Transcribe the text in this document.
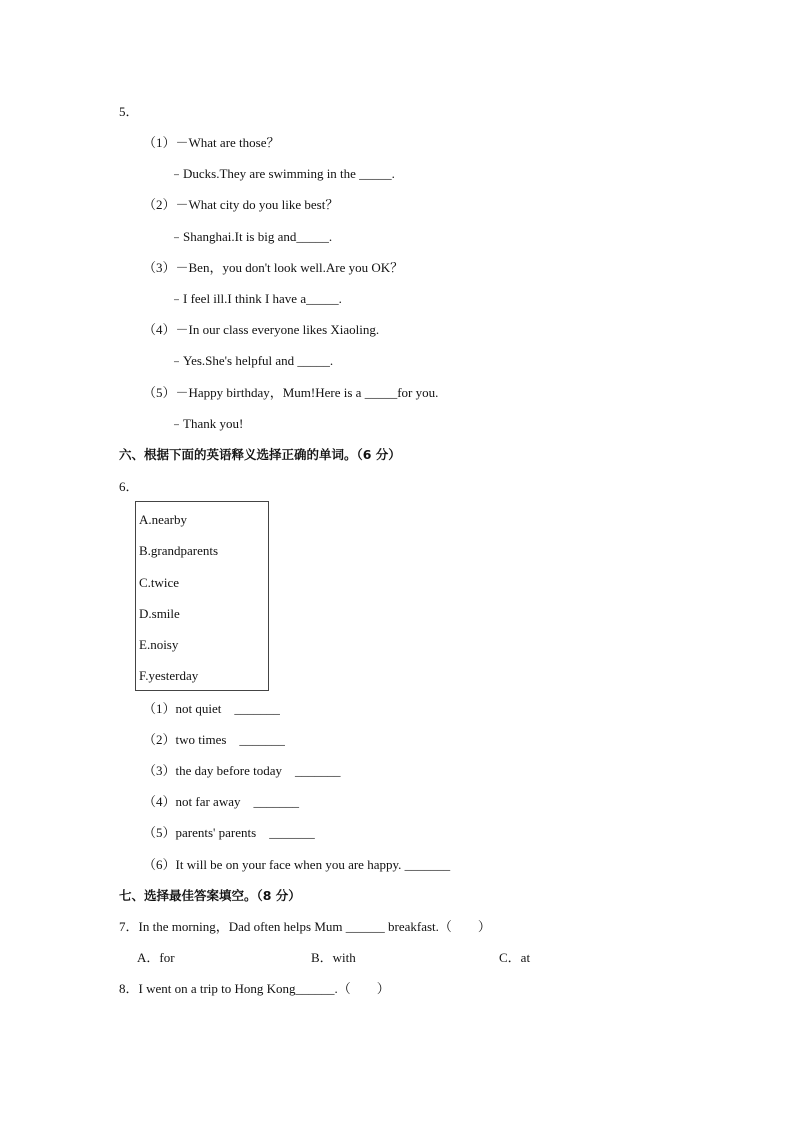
5．
（1）－What are those？
﹣Ducks.They are swimming in the _____.
（2）－What city do you like best？
﹣Shanghai.It is big and_____.
（3）－Ben，you don't look well.Are you OK？
﹣I feel ill.I think I have a_____.
（4）－In our class everyone likes Xiaoling.
﹣Yes.She's helpful and _____.
（5）－Happy birthday，Mum!Here is a _____for you.
﹣Thank you!
六、根据下面的英语释义选择正确的单词。（6 分）
6．
A.nearby
B.grandparents
C.twice
D.smile
E.noisy
F.yesterday
（1）not quiet    _______
（2）two times    _______
（3）the day before today    _______
（4）not far away    _______
（5）parents' parents    _______
（6）It will be on your face when you are happy. _______
七、选择最佳答案填空。（8 分）
7．In the morning，Dad often helps Mum ______ breakfast.（　　）
A．for	B．with	C．at
8．I went on a trip to Hong Kong______.（　　）
